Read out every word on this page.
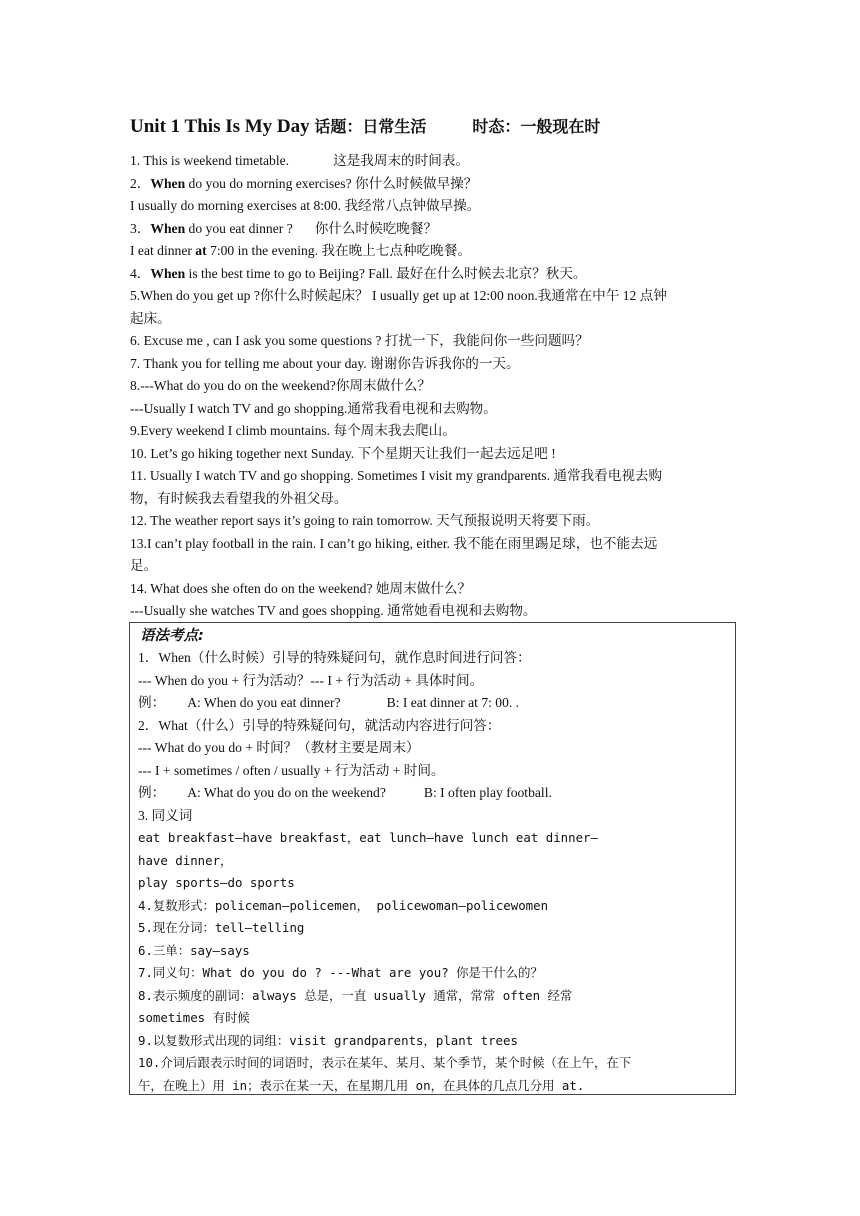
Unit 1 This Is My Day 话题：日常生活	时态：一般现在时
1. This is weekend timetable.	这是我周末的时间表。
2．When do you do morning exercises? 你什么时候做早操？
I usually do morning exercises at 8:00. 我经常八点钟做早操。
3．When do you eat dinner ? 你什么时候吃晚餐？
I eat dinner at 7:00 in the evening. 我在晚上七点种吃晚餐。
4．When is the best time to go to Beijing? Fall. 最好在什么时候去北京？秋天。
5.When do you get up ?你什么时候起床？ I usually get up at 12:00 noon.我通常在中午 12 点钟
起床。
6. Excuse me , can I ask you some questions ? 打扰一下，我能问你一些问题吗？
7. Thank you for telling me about your day. 谢谢你告诉我你的一天。
8.---What do you do on the weekend?你周末做什么？
---Usually I watch TV and go shopping.通常我看电视和去购物。
9.Every weekend I climb mountains. 每个周末我去爬山。
10. Let’s go hiking together next Sunday. 下个星期天让我们一起去远足吧 !
11. Usually I watch TV and go shopping. Sometimes I visit my grandparents. 通常我看电视去购
物，有时候我去看望我的外祖父母。
12. The weather report says it’s going to rain tomorrow. 天气预报说明天将要下雨。
13.I can’t play football in the rain. I can’t go hiking, either. 我不能在雨里踢足球，也不能去远
足。
14. What does she often do on the weekend? 她周末做什么？
---Usually she watches TV and goes shopping. 通常她看电视和去购物。
语法考点:
1．When（什么时候）引导的特殊疑问句，就作息时间进行问答：
--- When do you + 行为活动？--- I + 行为活动 + 具体时间。
例： A: When do you eat dinner?	B: I eat dinner at 7: 00. .
2．What（什么）引导的特殊疑问句，就活动内容进行问答：
--- What do you do + 时间？（教材主要是周末）
--- I + sometimes / often / usually + 行为活动 + 时间。
例： A: What do you do on the weekend?	B: I often play football.
3. 同义词
eat breakfast—have breakfast，eat lunch—have lunch eat dinner—
have dinner，
play sports—do sports
4.复数形式：policeman—policemen， policewoman—policewomen
5.现在分词：tell—telling
6.三单：say—says
7.同义句：What do you do ? ---What are you? 你是干什么的？
8.表示频度的副词：always 总是，一直 usually 通常，常常 often 经常
sometimes 有时候
9.以复数形式出现的词组：visit grandparents，plant trees
10.介词后跟表示时间的词语时，表示在某年、某月、某个季节，某个时候（在上午，在下
午，在晚上）用 in；表示在某一天，在星期几用 on，在具体的几点几分用 at.
